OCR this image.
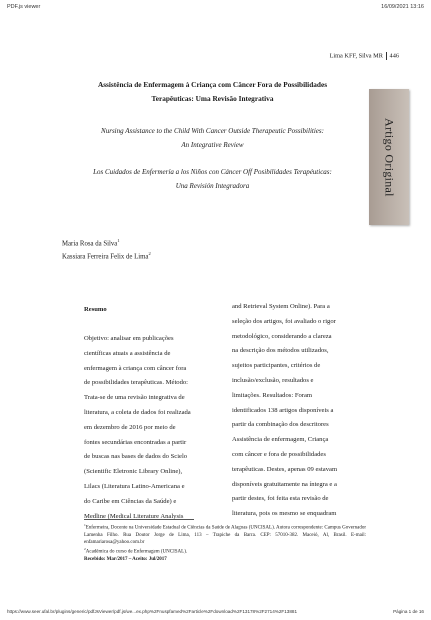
PDF.js viewer	16/09/2021 13:16
Lima KFF, Silva MR 446
Artigo Original
Assistência de Enfermagem à Criança com Câncer Fora de Possibilidades
Terapêuticas: Uma Revisão Integrativa
Nursing Assistance to the Child With Cancer Outside Therapeutic Possibilities:
An Integrative Review
Los Cuidados de Enfermería a los Niños con Cáncer Off Posibilidades Terapéuticas:
Una Revisión Integradora
Maria Rosa da Silva$^1$
Kassiara Ferreira Felix de Lima$^2$
Resumo
Objetivo: analisar em publicações
científicas atuais a assistência de
enfermagem à criança com câncer fora
de possibilidades terapêuticas. Método:
Trata-se de uma revisão integrativa de
literatura, a coleta de dados foi realizada
em dezembro de 2016 por meio de
fontes secundárias encontradas a partir
de buscas nas bases de dados do Scielo
(Scientific Eletronic Library Online),
Lilacs (Literatura Latino-Americana e
do Caribe em Ciências da Saúde) e
Medline (Medical Literature Analysis
and Retrieval System Online). Para a
seleção dos artigos, foi avaliado o rigor
metodológico, considerando a clareza
na descrição dos métodos utilizados,
sujeitos participantes, critérios de
inclusão/exclusão, resultados e
limitações. Resultados: Foram
identificados 138 artigos disponíveis a
partir da combinação dos descritores
Assistência de enfermagem, Criança
com câncer e fora de possibilidades
terapêuticas. Destes, apenas 09 estavam
disponíveis gratuitamente na íntegra e a
partir destes, foi feita esta revisão de
literatura, pois os mesmo se enquadram
$^1$Enfermeira, Docente na Universidade Estadual de Ciências da Saúde de Alagoas (UNCISAL). Autora correspondente: Campus Governador Lamenha Filho. Rua Doutor Jorge de Lima, 113 – Trapiche da Barra. CEP: 57010-382. Maceió, Al, Brasil. E-mail: enfamariarosa@yahoo.com.br
$^2$Acadêmica do curso de Enfermagem (UNCISAL).
Recebido: Mar/2017 – Aceito: Jul/2017
https://www.seer.ufal.br/plugins/generic/pdfJsViewer/pdf.js/we...ex.php%2Fnuspfamed%2Farticle%2Fdownload%2F13178%2F2714%2F13881	Página 1 de 16
